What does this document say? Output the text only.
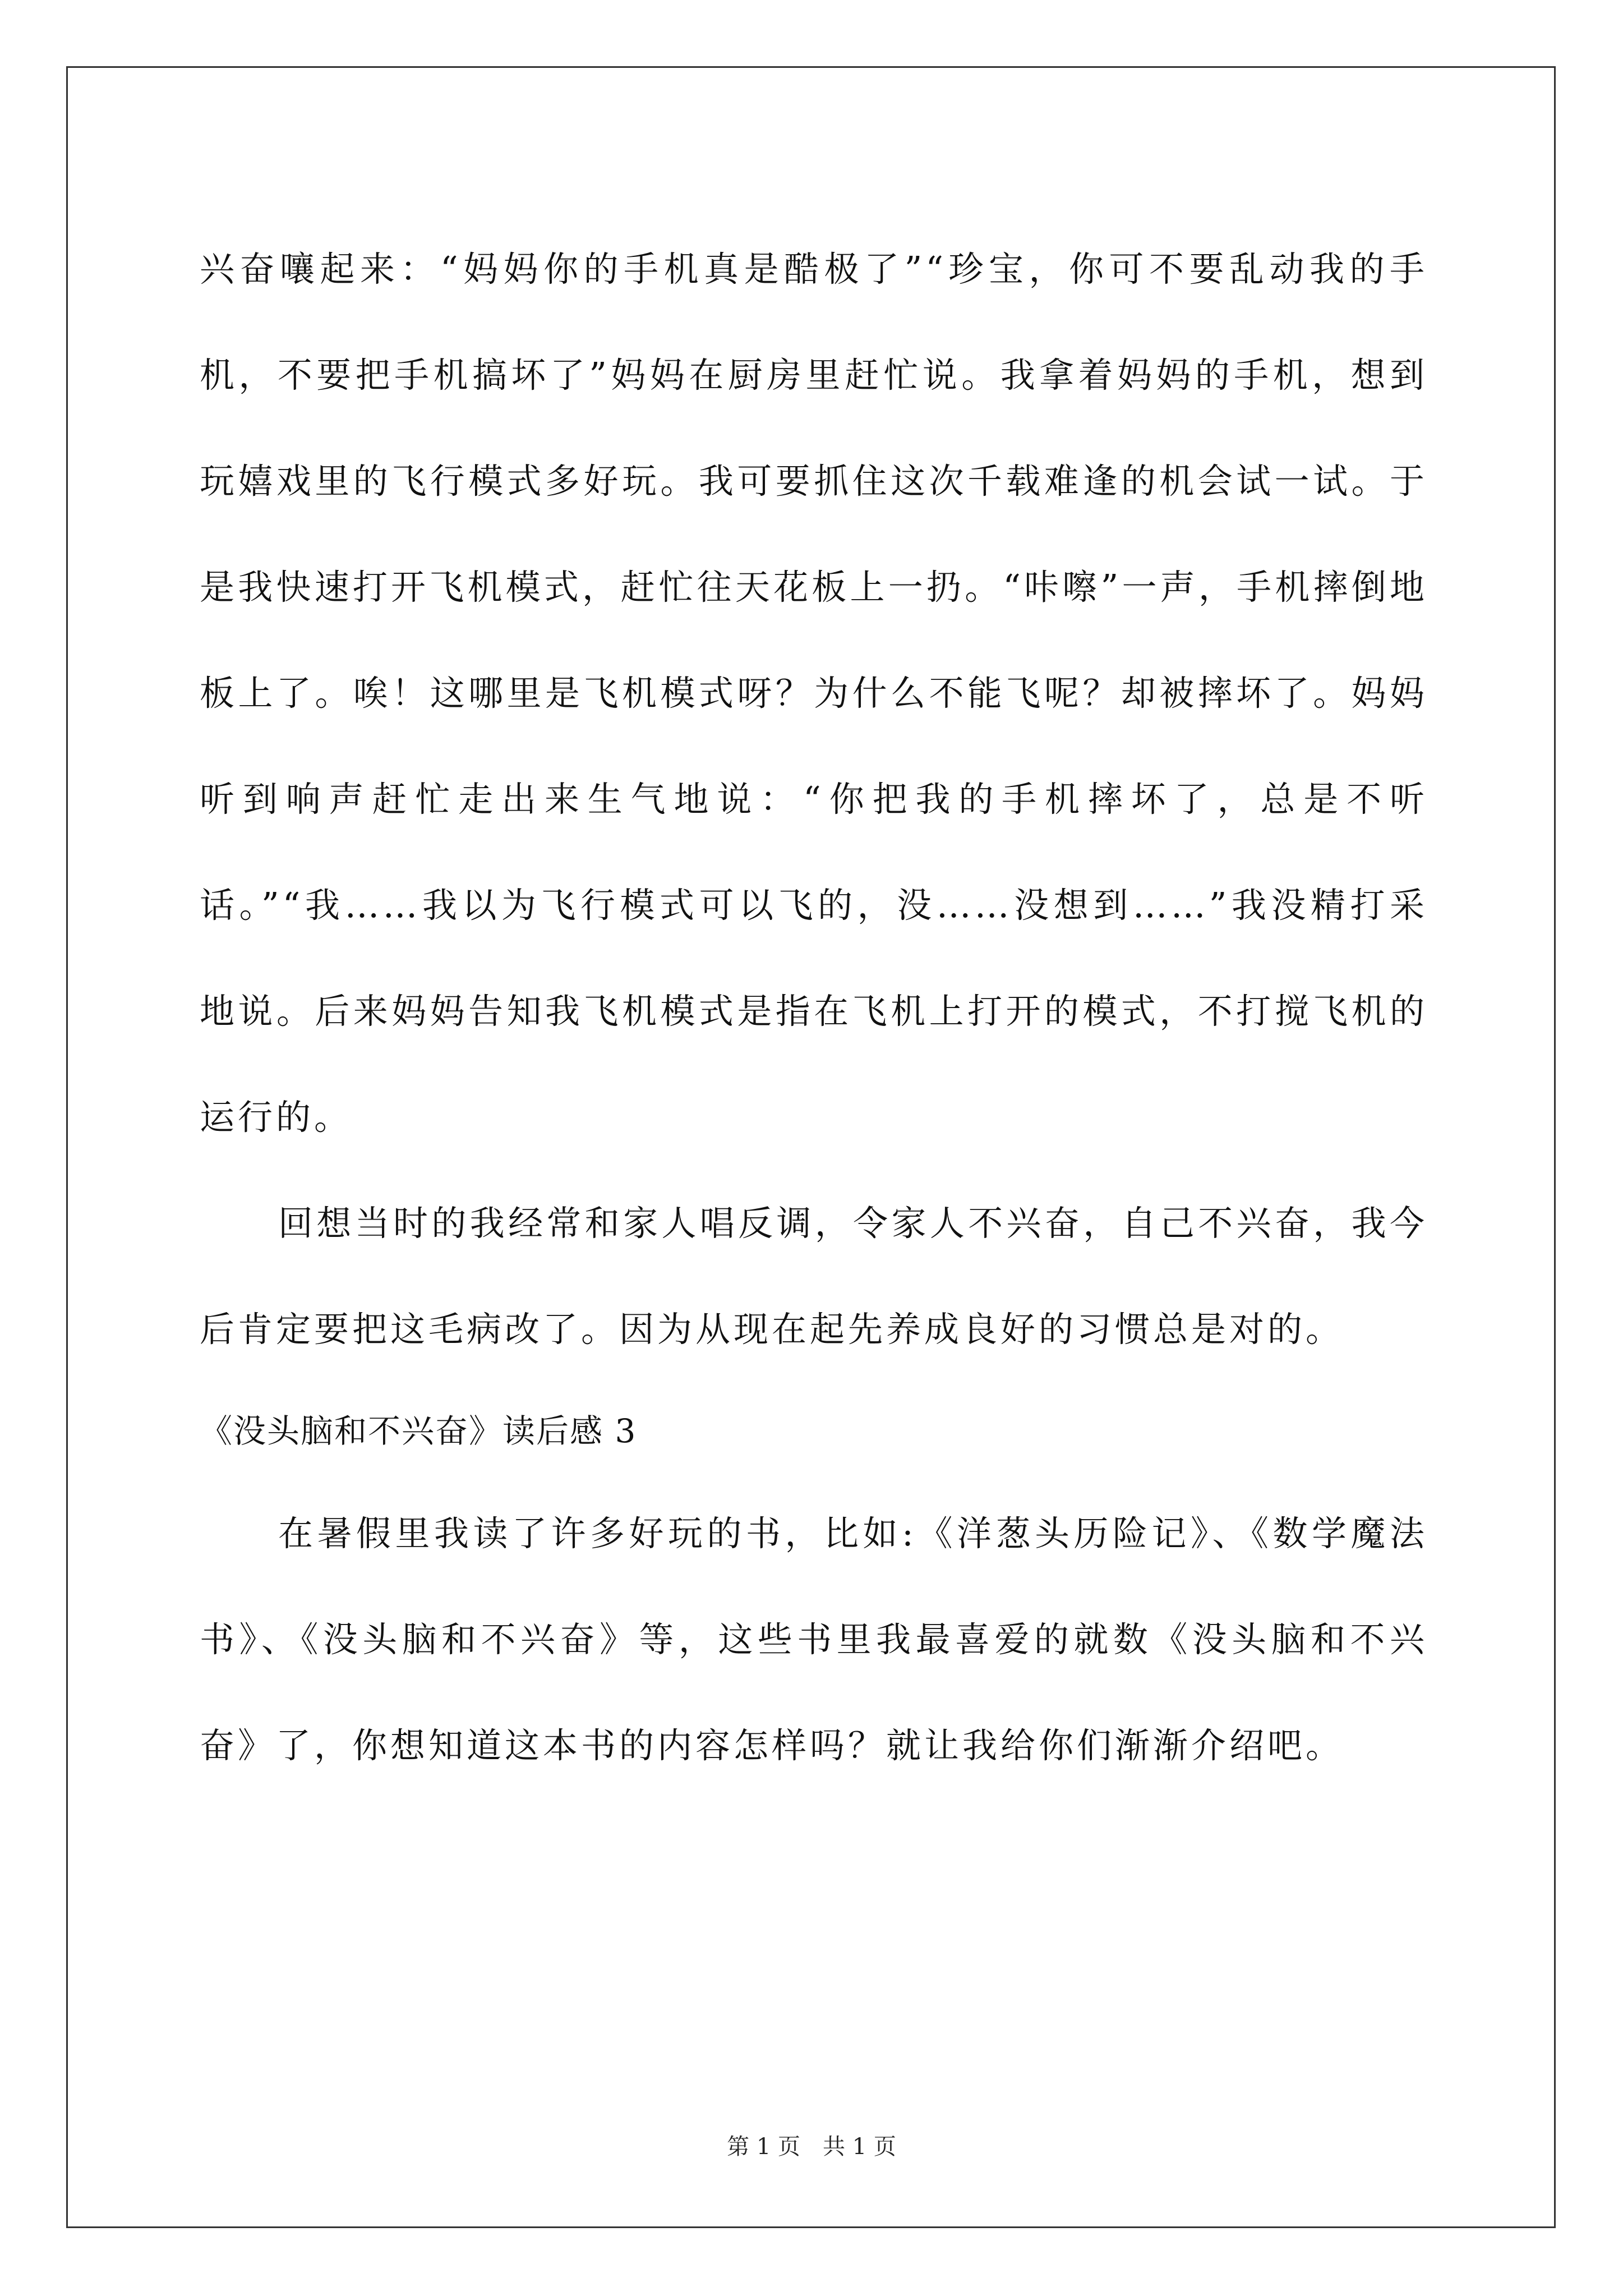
兴奋嚷起来：“妈妈你的手机真是酷极了”“珍宝，你可不要乱动我的手机，不要把手机搞坏了”妈妈在厨房里赶忙说。我拿着妈妈的手机，想到玩嬉戏里的飞行模式多好玩。我可要抓住这次千载难逢的机会试一试。于是我快速打开飞机模式，赶忙往天花板上一扔。“咔嚓”一声，手机摔倒地板上了。唉！这哪里是飞机模式呀？为什么不能飞呢？却被摔坏了。妈妈听到响声赶忙走出来生气地说：“你把我的手机摔坏了，总是不听话。”“我……我以为飞行模式可以飞的，没……没想到……”我没精打采地说。后来妈妈告知我飞机模式是指在飞机上打开的模式，不打搅飞机的运行的。

回想当时的我经常和家人唱反调，令家人不兴奋，自己不兴奋，我今后肯定要把这毛病改了。因为从现在起先养成良好的习惯总是对的。

《没头脑和不兴奋》读后感 3

在暑假里我读了许多好玩的书，比如:《洋葱头历险记》、《数学魔法书》、《没头脑和不兴奋》等，这些书里我最喜爱的就数《没头脑和不兴奋》了，你想知道这本书的内容怎样吗？就让我给你们渐渐介绍吧。

第 1 页　共 1 页
